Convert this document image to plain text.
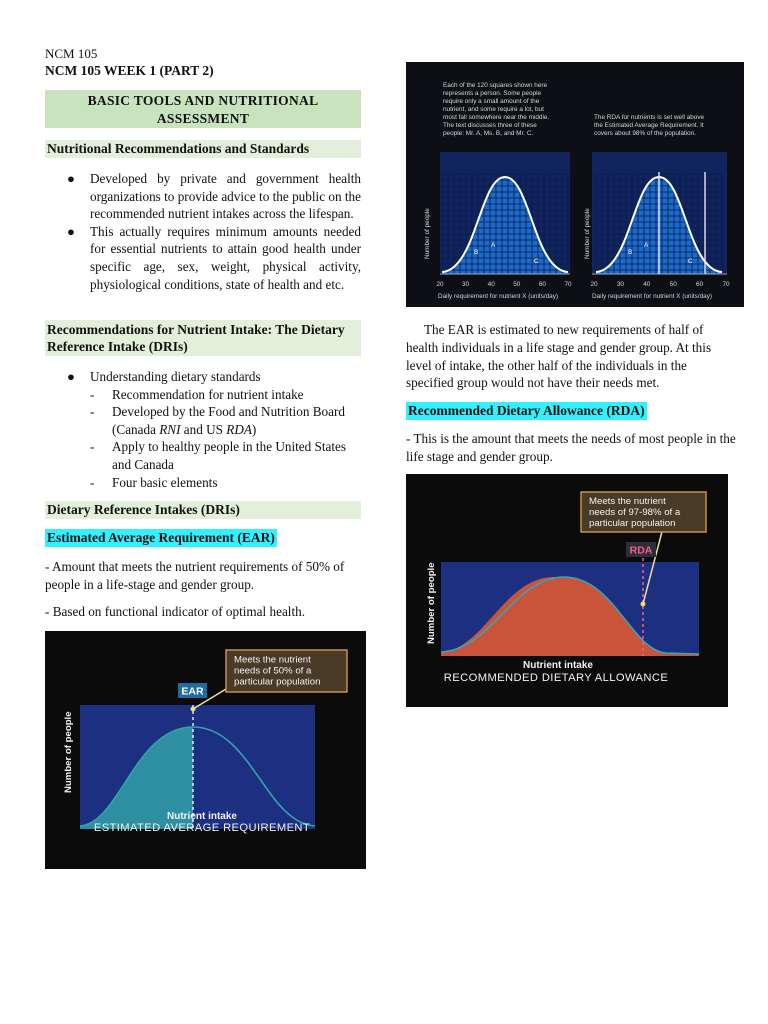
NCM 105
NCM 105 WEEK 1 (PART 2)
BASIC TOOLS AND NUTRITIONAL
ASSESSMENT
Nutritional Recommendations and Standards
● Developed by private and government health organizations to provide advice to the public on the recommended nutrient intakes across the lifespan.
● This actually requires minimum amounts needed for essential nutrients to attain good health under specific age, sex, weight, physical activity, physiological conditions, state of health and etc.
Recommendations for Nutrient Intake: The Dietary
Reference Intake (DRIs)
● Understanding dietary standards
- Recommendation for nutrient intake
- Developed by the Food and Nutrition Board (Canada RNI and US RDA)
- Apply to healthy people in the United States and Canada
- Four basic elements
Dietary Reference Intakes (DRIs)
Estimated Average Requirement (EAR)
- Amount that meets the nutrient requirements of 50% of people in a life-stage and gender group.
- Based on functional indicator of optimal health.
EAR
Meets the nutrient
needs of 50% of a
particular population
Number of people
Nutrient intake
ESTIMATED AVERAGE REQUIREMENT
Each of the 120 squares shown here
represents a person. Some people
require only a small amount of the
nutrient, and some require a lot, but
most fall somewhere near the middle.
The text discusses three of these
people: Mr. A, Ms. B, and Mr. C.
The RDA for nutrients is set well above
the Estimated Average Requirement. It
covers about 98% of the population.
A
B
C
Number of people
20	30	40	50	60	70
Daily requirement for nutrient X (units/day)
A
B
C
Number of people
20	30	40	50	60	70
Daily requirement for nutrient X (units/day)
The EAR is estimated to new requirements of half of health individuals in a life stage and gender group. At this level of intake, the other half of the individuals in the specified group would not have their needs met.
Recommended Dietary Allowance (RDA)
- This is the amount that meets the needs of most people in the life stage and gender group.
RDA
Meets the nutrient
needs of 97-98% of a
particular population
Number of people
Nutrient intake
RECOMMENDED DIETARY ALLOWANCE
